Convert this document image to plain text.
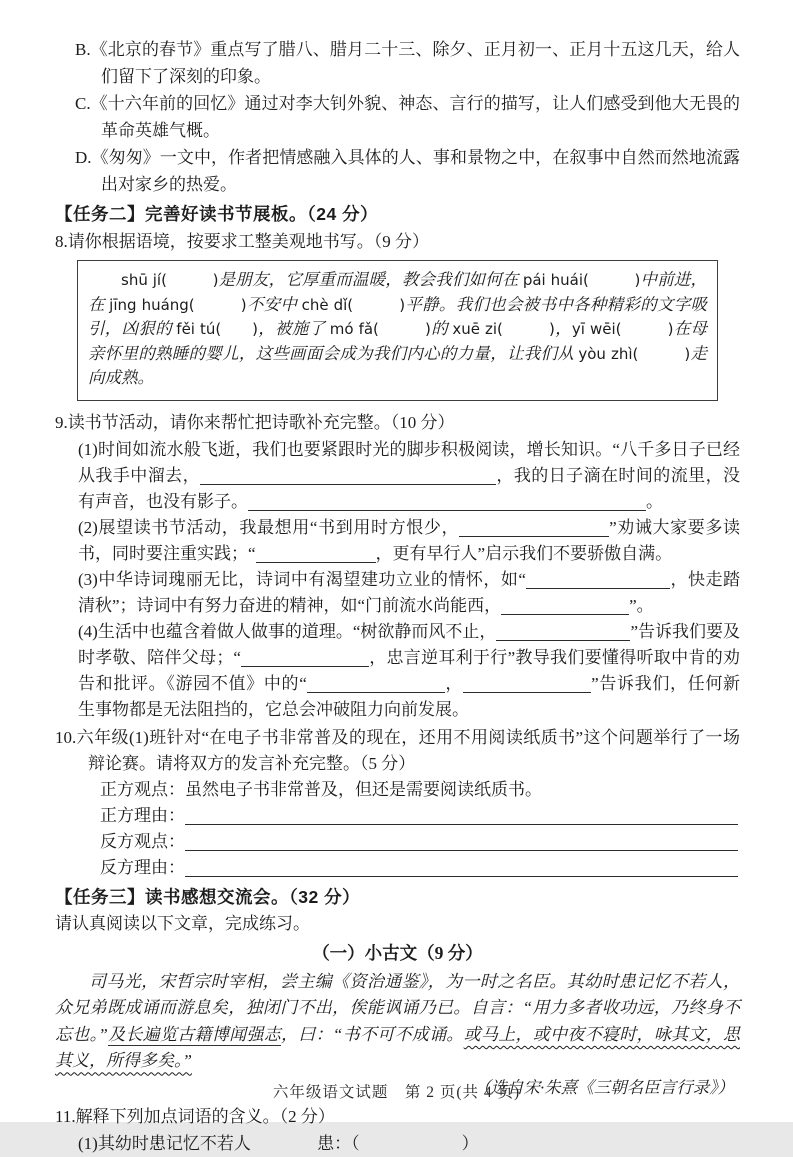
B.《北京的春节》重点写了腊八、腊月二十三、除夕、正月初一、正月十五这几天，给人们留下了深刻的印象。

C.《十六年前的回忆》通过对李大钊外貌、神态、言行的描写，让人们感受到他大无畏的革命英雄气概。

D.《匆匆》一文中，作者把情感融入具体的人、事和景物之中，在叙事中自然而然地流露出对家乡的热爱。

【任务二】完善好读书节展板。（24 分）

8.请你根据语境，按要求工整美观地书写。（9 分）

shū jí(　　　)是朋友，它厚重而温暖，教会我们如何在 pái huái(　　　)中前进，在 jīng huáng(　　　)不安中 chè dǐ(　　　)平静。我们也会被书中各种精彩的文字吸引，凶狠的 fěi tú(　　)，被施了 mó fǎ(　　　)的 xuē zi(　　　)，yī wēi(　　　)在母亲怀里的熟睡的婴儿，这些画面会成为我们内心的力量，让我们从 yòu zhì(　　　)走向成熟。

9.读书节活动，请你来帮忙把诗歌补充完整。（10 分）

(1)时间如流水般飞逝，我们也要紧跟时光的脚步积极阅读，增长知识。“八千多日子已经从我手中溜去，	，我的日子滴在时间的流里，没有声音，也没有影子。	。
(2)展望读书节活动，我最想用“书到用时方恨少，	”劝诫大家要多读书，同时要注重实践；“	，更有早行人”启示我们不要骄傲自满。
(3)中华诗词瑰丽无比，诗词中有渴望建功立业的情怀，如“	，快走踏清秋”；诗词中有努力奋进的精神，如“门前流水尚能西，	”。
(4)生活中也蕴含着做人做事的道理。“树欲静而风不止，	”告诉我们要及时孝敬、陪伴父母；“	，忠言逆耳利于行”教导我们要懂得听取中肯的劝告和批评。《游园不值》中的“	，	”告诉我们，任何新生事物都是无法阻挡的，它总会冲破阻力向前发展。

10.六年级(1)班针对“在电子书非常普及的现在，还用不用阅读纸质书”这个问题举行了一场辩论赛。请将双方的发言补充完整。（5 分）

正方观点： 虽然电子书非常普及，但还是需要阅读纸质书。
正方理由：
反方观点：
反方理由：

【任务三】读书感想交流会。（32 分）

请认真阅读以下文章，完成练习。

（一）小古文（9 分）

司马光，宋哲宗时宰相，尝主编《资治通鉴》，为一时之名臣。其幼时患记忆不若人，众兄弟既成诵而游息矣，独闭门不出，俟能讽诵乃已。自言：“用力多者收功远，乃终身不忘也。”及长遍览古籍博闻强志，曰：“书不可不成诵。或马上，或中夜不寝时，咏其文，思其义，所得多矣。”

（选自宋·朱熹《三朝名臣言行录》）

11.解释下列加点词语的含义。（2 分）

(1)其幼时患 ●记忆不若人	患：（　　　　　　）

六年级语文试题　第 2 页(共 4 页)
